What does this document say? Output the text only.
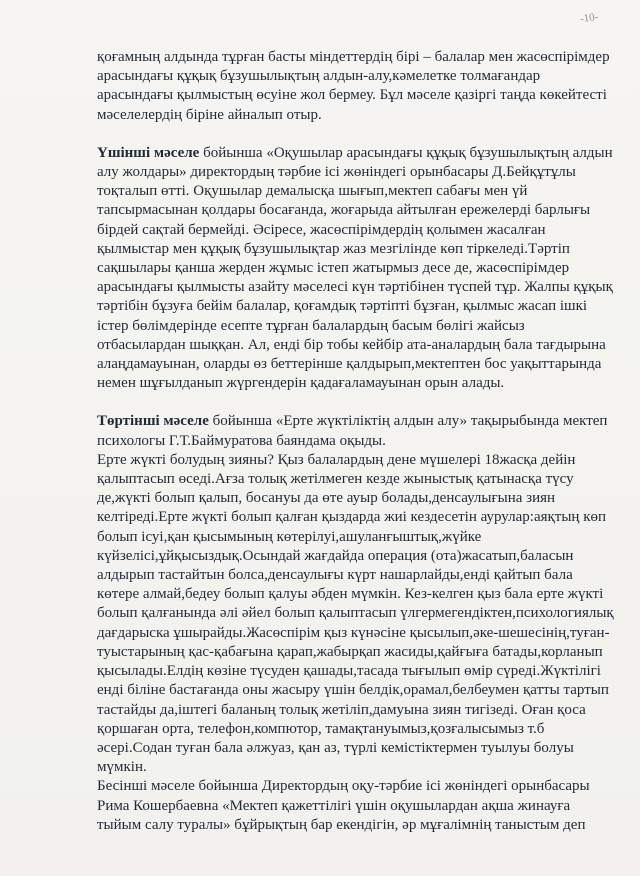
-10-

қоғамның алдында тұрған басты міндеттердің бірі – балалар мен жасөспірімдер арасындағы құқық бұзушылықтың алдын-алу,кәмелетке толмағандар арасындағы қылмыстың өсуіне жол бермеу. Бұл мәселе қазіргі таңда көкейтесті мәселелердің біріне айналып отыр.

Үшінші мәселе бойынша «Оқушылар арасындағы құқық бұзушылықтың алдын алу жолдары» директордың тәрбие ісі жөніндегі орынбасары Д.Бейқұтұлы тоқталып өтті. Оқушылар демалысқа шығып,мектеп сабағы мен үй тапсырмасынан қолдары босағанда, жоғарыда айтылған ережелерді барлығы бірдей сақтай бермейді. Әсіресе, жасөспірімдердің қолымен жасалған қылмыстар мен құқық бұзушылықтар жаз мезгілінде көп тіркеледі.Тәртіп сақшылары қанша жерден жұмыс істеп жатырмыз десе де, жасөспірімдер арасындағы қылмысты азайту мәселесі күн тәртібінен түспей тұр. Жалпы құқық тәртібін бұзуға бейім балалар, қоғамдық тәртіпті бұзған, қылмыс жасап ішкі істер бөлімдерінде есепте тұрған балалардың басым бөлігі жайсыз отбасылардан шыққан. Ал, енді бір тобы кейбір ата-аналардың бала тағдырына алаңдамауынан, оларды өз беттерінше қалдырып,мектептен бос уақыттарында немен шұғылданып жүргендерін қадағаламауынан орын алады.

Төртінші мәселе бойынша «Ерте жүктіліктің алдын алу» тақырыбында мектеп психологы Г.Т.Баймуратова баяндама оқыды.

Ерте жүкті болудың зияны? Қыз балалардың дене мүшелері 18жасқа дейін қалыптасып өседі.Ағза толық жетілмеген кезде жыныстық қатынасқа түсу де,жүкті болып қалып, босануы да өте ауыр болады,денсаулығына зиян келтіреді.Ерте жүкті болып қалған қыздарда жиі кездесетін аурулар:аяқтың көп болып ісуі,қан қысымының көтерілуі,ашуланғыштық,жүйке күйзелісі,ұйқысыздық.Осындай жағдайда операция (ота)жасатып,баласын алдырып тастайтын болса,денсаулығы күрт нашарлайды,енді қайтып бала көтере алмай,бедеу болып қалуы әбден мүмкін. Кез-келген қыз бала ерте жүкті болып қалғанында әлі әйел болып қалыптасып үлгермегендіктен,психологиялық дағдарыска ұшырайды.Жасөспірім қыз күнәсіне қысылып,әке-шешесінің,туған-туыстарының қас-қабағына қарап,жабырқап жасиды,қайғыға батады,корланып қысылады.Елдің көзіне түсуден қашады,тасада тығылып өмір сүреді.Жүктілігі енді біліне бастағанда оны жасыру үшін белдік,орамал,белбеумен қатты тартып тастайды да,іштегі баланың толық жетіліп,дамуына зиян тигізеді. Оған қоса қоршаған орта, телефон,компютор, тамақтануымыз,қозғалысымыз т.б әсері.Содан туған бала әлжуаз, қан аз, түрлі кемістіктермен туылуы болуы мүмкін.

Бесінші мәселе бойынша Директордың оқу-тәрбие ісі жөніндегі орынбасары Рима Кошербаевна «Мектеп қажеттілігі үшін оқушылардан ақша жинауға тыйым салу туралы» бұйрықтың бар екендігін, әр мұғалімнің таныстым деп
